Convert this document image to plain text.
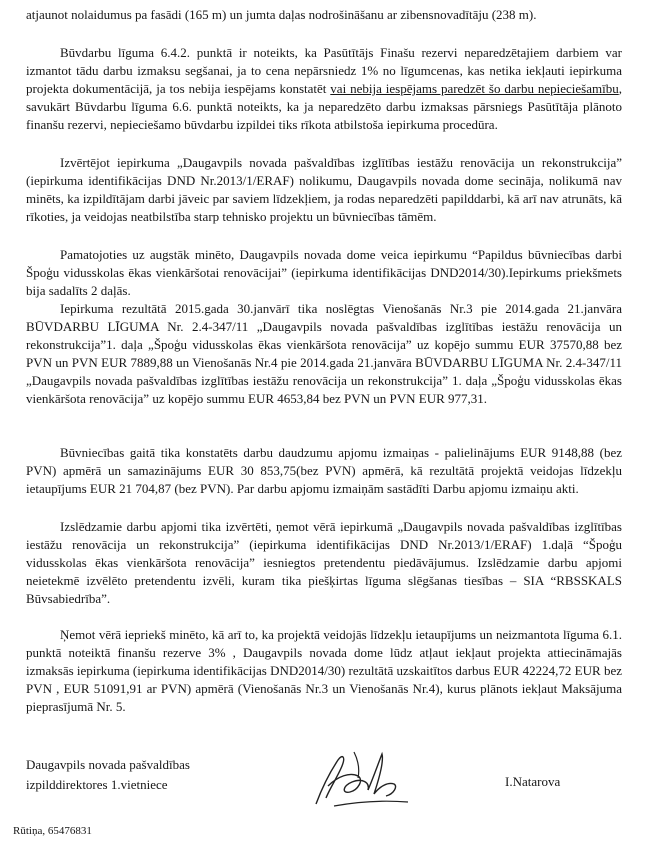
atjaunot nolaidumus pa fasādi (165 m) un jumta daļas nodrošināšanu ar zibensnovadītāju (238 m).

Būvdarbu līguma 6.4.2. punktā ir noteikts, ka Pasūtītājs Finašu rezervi neparedzētajiem darbiem var izmantot tādu darbu izmaksu segšanai, ja to cena nepārsniedz 1% no līgumcenas, kas netika iekļauti iepirkuma projekta dokumentācijā, ja tos nebija iespējams konstatēt vai nebija iespējams paredzēt šo darbu nepieciešamību, savukārt Būvdarbu līguma 6.6. punktā noteikts, ka ja neparedzēto darbu izmaksas pārsniegs Pasūtītāja plānoto finanšu rezervi, nepieciešamo būvdarbu izpildei tiks rīkota atbilstoša iepirkuma procedūra.

Izvērtējot iepirkuma „Daugavpils novada pašvaldības izglītības iestāžu renovācija un rekonstrukcija” (iepirkuma identifikācijas DND Nr.2013/1/ERAF) nolikumu, Daugavpils novada dome secināja, nolikumā nav minēts, ka izpildītājam darbi jāveic par saviem līdzekļiem, ja rodas neparedzēti papilddarbi, kā arī nav atrunāts, kā rīkoties, ja veidojas neatbilstība starp tehnisko projektu un būvniecības tāmēm.

Pamatojoties uz augstāk minēto, Daugavpils novada dome veica iepirkumu “Papildus būvniecības darbi Špoģu vidusskolas ēkas vienkāršotai renovācijai” (iepirkuma identifikācijas DND2014/30).Iepirkums priekšmets bija sadalīts 2 daļās.

Iepirkuma rezultātā 2015.gada 30.janvārī tika noslēgtas Vienošanās Nr.3 pie 2014.gada 21.janvāra BŪVDARBU LĪGUMA Nr. 2.4-347/11 „Daugavpils novada pašvaldības izglītības iestāžu renovācija un rekonstrukcija”1. daļa „Špoģu vidusskolas ēkas vienkāršota renovācija” uz kopējo summu EUR 37570,88 bez PVN un PVN EUR 7889,88 un Vienošanās Nr.4 pie 2014.gada 21.janvāra BŪVDARBU LĪGUMA Nr. 2.4-347/11 „Daugavpils novada pašvaldības izglītības iestāžu renovācija un rekonstrukcija” 1. daļa „Špoģu vidusskolas ēkas vienkāršota renovācija” uz kopējo summu EUR 4653,84 bez PVN un PVN EUR 977,31.

Būvniecības gaitā tika konstatēts darbu daudzumu apjomu izmaiņas - palielinājums EUR 9148,88 (bez PVN) apmērā un samazinājums EUR 30 853,75(bez PVN) apmērā, kā rezultātā projektā veidojas līdzekļu ietaupījums EUR 21 704,87 (bez PVN). Par darbu apjomu izmaiņām sastādīti Darbu apjomu izmaiņu akti.

Izslēdzamie darbu apjomi tika izvērtēti, ņemot vērā iepirkumā „Daugavpils novada pašvaldības izglītības iestāžu renovācija un rekonstrukcija” (iepirkuma identifikācijas DND Nr.2013/1/ERAF) 1.daļā “Špoģu vidusskolas ēkas vienkāršota renovācija” iesniegtos pretendentu piedāvājumus. Izslēdzamie darbu apjomi neietekmē izvēlēto pretendentu izvēli, kuram tika piešķirtas līguma slēgšanas tiesības – SIA “RBSSKALS Būvsabiedrība”.

Ņemot vērā iepriekš minēto, kā arī to, ka projektā veidojās līdzekļu ietaupījums un neizmantota līguma 6.1. punktā noteiktā finanšu rezerve 3% , Daugavpils novada dome lūdz atļaut iekļaut projekta attiecināmajās izmaksās iepirkuma (iepirkuma identifikācijas DND2014/30) rezultātā uzskaitītos darbus EUR 42224,72 EUR bez PVN , EUR 51091,91 ar PVN) apmērā (Vienošanās Nr.3 un Vienošanās Nr.4), kurus plānots iekļaut Maksājuma pieprasījumā Nr. 5.

Daugavpils novada pašvaldības
izpilddirektores 1.vietniece	I.Natarova
Rūtiņa, 65476831
